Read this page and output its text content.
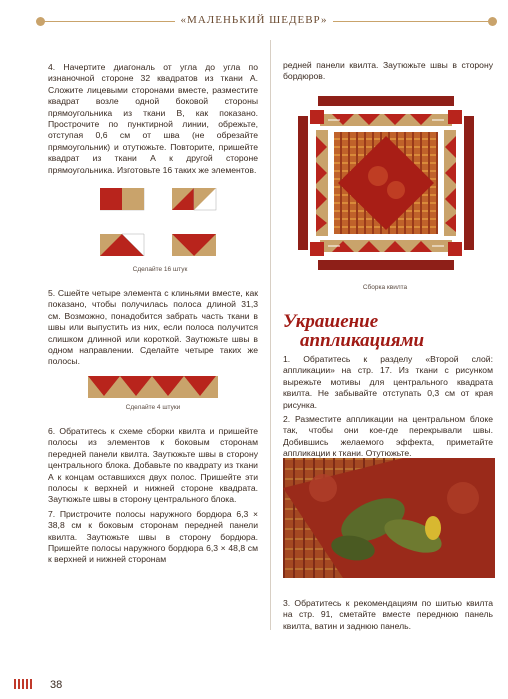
«МАЛЕНЬКИЙ ШЕДЕВР»

4. Начертите диагональ от угла до угла по изнаночной стороне 32 квадратов из ткани А. Сложите лицевыми сторонами вместе, разместите квадрат возле одной боковой стороны прямоугольника из ткани В, как показано. Прострочите по пунктирной линии, обрежьте, отступая 0,6 см от шва (не обрезайте прямоугольник) и отутюжьте. Повторите, пришейте квадрат из ткани А к другой стороне прямоугольника. Изготовьте 16 таких же элементов.

Сделайте 16 штук

5. Сшейте четыре элемента с клиньями вместе, как показано, чтобы получилась полоса длиной 31,3 см. Возможно, понадобится забрать часть ткани в швы или выпустить из них, если полоса получится слишком длинной или короткой. Заутюжьте швы в одном направлении. Сделайте четыре таких же полосы.

Сделайте 4 штуки

6. Обратитесь к схеме сборки квилта и пришейте полосы из элементов к боковым сторонам передней панели квилта. Заутюжьте швы в сторону центрального блока. Добавьте по квадрату из ткани А к концам оставшихся двух полос. Пришейте эти полосы к верхней и нижней стороне квадрата. Заутюжьте швы в сторону центрального блока.

7. Пристрочите полосы наружного бордюра 6,3 × 38,8 см к боковым сторонам передней панели квилта. Заутюжьте швы в сторону бордюра. Пришейте полосы наружного бордюра 6,3 × 48,8 см к верхней и нижней сторонам

редней панели квилта. Заутюжьте швы в сторону бордюров.

Сборка квилта
Украшение
аппликациями

1. Обратитесь к разделу «Второй слой: аппликации» на стр. 17. Из ткани с рисунком вырежьте мотивы для центрального квадрата квилта. Не забывайте отступать 0,3 см от края рисунка.

2. Разместите аппликации на центральном блоке так, чтобы они кое-где перекрывали швы. Добившись желаемого эффекта, приметайте аппликации к ткани. Отутюжьте.

3. Обратитесь к рекомендациям по шитью квилта на стр. 91, сметайте вместе переднюю панель квилта, ватин и заднюю панель.

38
